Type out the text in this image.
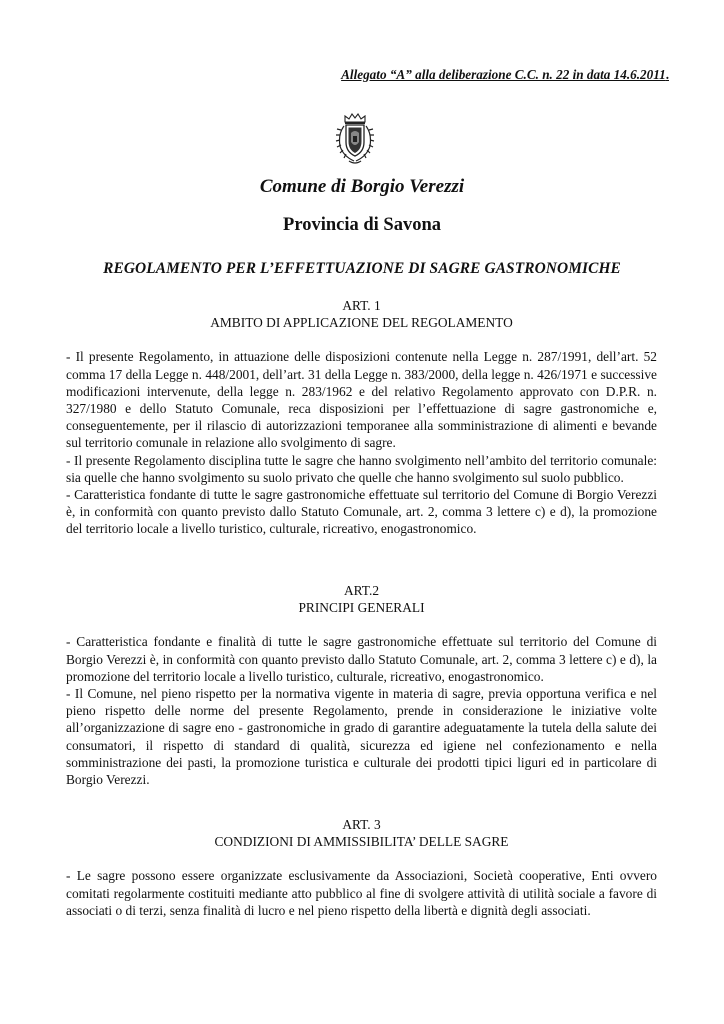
Allegato “A” alla deliberazione C.C. n. 22 in data 14.6.2011.
Comune di Borgio Verezzi
Provincia di Savona
REGOLAMENTO PER L’EFFETTUAZIONE DI SAGRE GASTRONOMICHE
ART. 1
AMBITO DI APPLICAZIONE DEL REGOLAMENTO

- Il presente Regolamento, in attuazione delle disposizioni contenute nella Legge n. 287/1991, dell’art. 52 comma 17 della Legge n. 448/2001, dell’art. 31 della Legge n. 383/2000, della legge n. 426/1971 e successive modificazioni intervenute, della legge n. 283/1962 e del relativo Regolamento approvato con D.P.R. n. 327/1980 e dello Statuto Comunale, reca disposizioni per l’effettuazione di sagre gastronomiche e, conseguentemente, per il rilascio di autorizzazioni temporanee alla somministrazione di alimenti e bevande sul territorio comunale in relazione allo svolgimento di sagre.

- Il presente Regolamento disciplina tutte le sagre che hanno svolgimento nell’ambito del territorio comunale: sia quelle che hanno svolgimento su suolo privato che quelle che hanno svolgimento sul suolo pubblico.

- Caratteristica fondante di tutte le sagre gastronomiche effettuate sul territorio del Comune di Borgio Verezzi è, in conformità con quanto previsto dallo Statuto Comunale, art. 2, comma 3 lettere c) e d), la promozione del territorio locale a livello turistico, culturale, ricreativo, enogastronomico.

ART.2
PRINCIPI GENERALI

- Caratteristica fondante e finalità di tutte le sagre gastronomiche effettuate sul territorio del Comune di Borgio Verezzi è, in conformità con quanto previsto dallo Statuto Comunale, art. 2, comma 3 lettere c) e d), la promozione del territorio locale a livello turistico, culturale, ricreativo, enogastronomico.

- Il Comune, nel pieno rispetto per la normativa vigente in materia di sagre, previa opportuna verifica e nel pieno rispetto delle norme del presente Regolamento, prende in considerazione le iniziative volte all’organizzazione di sagre eno - gastronomiche in grado di garantire adeguatamente la tutela della salute dei consumatori, il rispetto di standard di qualità, sicurezza ed igiene nel confezionamento e nella somministrazione dei pasti, la promozione turistica e culturale dei prodotti tipici liguri ed in particolare di Borgio Verezzi.

ART. 3
CONDIZIONI DI AMMISSIBILITA’ DELLE SAGRE

- Le sagre possono essere organizzate esclusivamente da Associazioni, Società cooperative, Enti ovvero comitati regolarmente costituiti mediante atto pubblico al fine di svolgere attività di utilità sociale a favore di associati o di terzi, senza finalità di lucro e nel pieno rispetto della libertà e dignità degli associati.
